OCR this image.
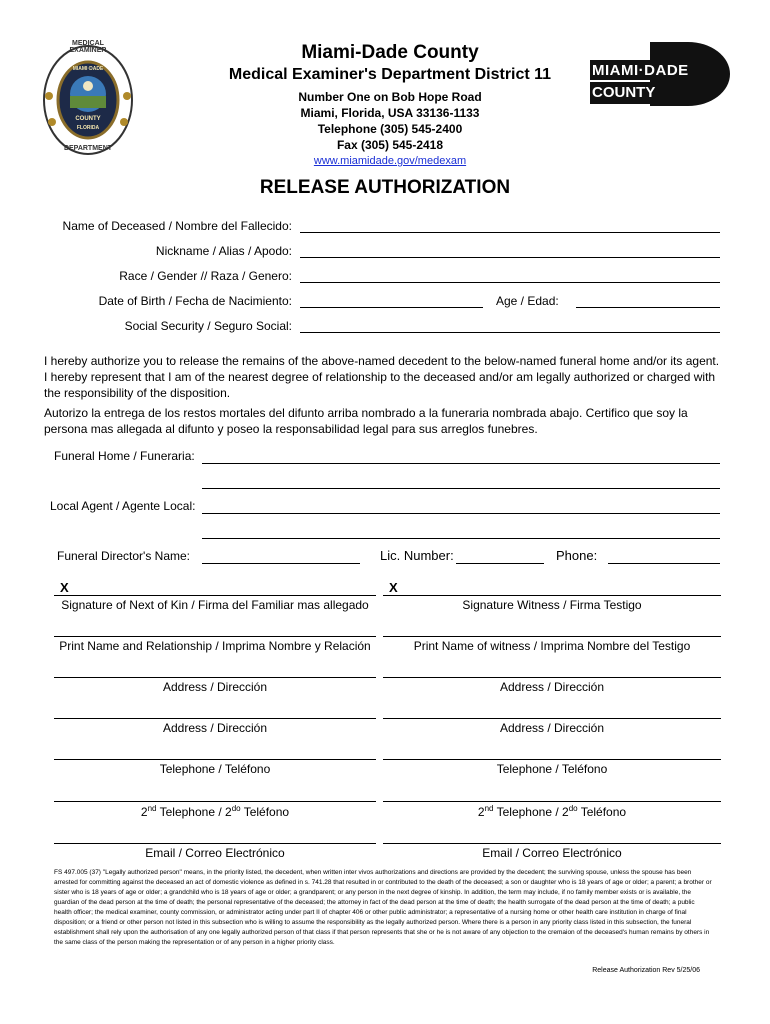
MEDICAL EXAMINER
MIAMI·DADE
COUNTY
FLORIDA
DEPARTMENT
Miami-Dade County
Medical Examiner's Department District 11
Number One on Bob Hope Road
Miami, Florida, USA 33136-1133
Telephone (305) 545-2400
Fax (305) 545-2418
www.miamidade.gov/medexam
MIAMI·DADE
COUNTY
RELEASE AUTHORIZATION
Name of Deceased / Nombre del Fallecido:
Nickname / Alias / Apodo:
Race / Gender // Raza / Genero:
Date of Birth / Fecha de Nacimiento:	Age / Edad:
Social Security / Seguro Social:
I hereby authorize you to release the remains of the above-named decedent to the below-named funeral home and/or its agent. I hereby represent that I am of the nearest degree of relationship to the deceased and/or am legally authorized or charged with the responsibility of the disposition.
Autorizo la entrega de los restos mortales del difunto arriba nombrado a la funeraria nombrada abajo. Certifico que soy la persona mas allegada al difunto y poseo la responsabilidad legal para sus arreglos funebres.
Funeral Home / Funeraria:
Local Agent / Agente Local:
Funeral Director's Name:	Lic. Number:	Phone:
X	X
Signature of Next of Kin / Firma del Familiar mas allegado	Signature Witness / Firma Testigo
Print Name and Relationship / Imprima Nombre y Relación	Print Name of witness / Imprima Nombre del Testigo
Address / Dirección	Address / Dirección
Address / Dirección	Address / Dirección
Telephone / Teléfono	Telephone / Teléfono
2nd Telephone / $2^{do}$ Teléfono	2nd Telephone / $2^{do}$ Teléfono
Email / Correo Electrónico	Email / Correo Electrónico
FS 497.005 (37) "Legally authorized person" means, in the priority listed, the decedent, when written inter vivos authorizations and directions are provided by the decedent; the surviving spouse, unless the spouse has been arrested for committing against the deceased an act of domestic violence as defined in s. 741.28 that resulted in or contributed to the death of the deceased; a son or daughter who is 18 years of age or older; a parent; a brother or sister who is 18 years of age or older; a grandchild who is 18 years of age or older; a grandparent; or any person in the next degree of kinship. In addition, the term may include, if no family member exists or is available, the guardian of the dead person at the time of death; the personal representative of the deceased; the attorney in fact of the dead person at the time of death; the health surrogate of the dead person at the time of death; a public health officer; the medical examiner, county commission, or administrator acting under part II of chapter 406 or other public administrator; a representative of a nursing home or other health care institution in charge of final disposition; or a friend or other person not listed in this subsection who is willing to assume the responsibility as the legally authorized person. Where there is a person in any priority class listed in this subsection, the funeral establishment shall rely upon the authorisation of any one legally authorized person of that class if that person represents that she or he is not aware of any objection to the cremaion of the deceased's human remains by others in the same class of the person making the representation or of any person in a higher priority class.
Release Authorization Rev 5/25/06
